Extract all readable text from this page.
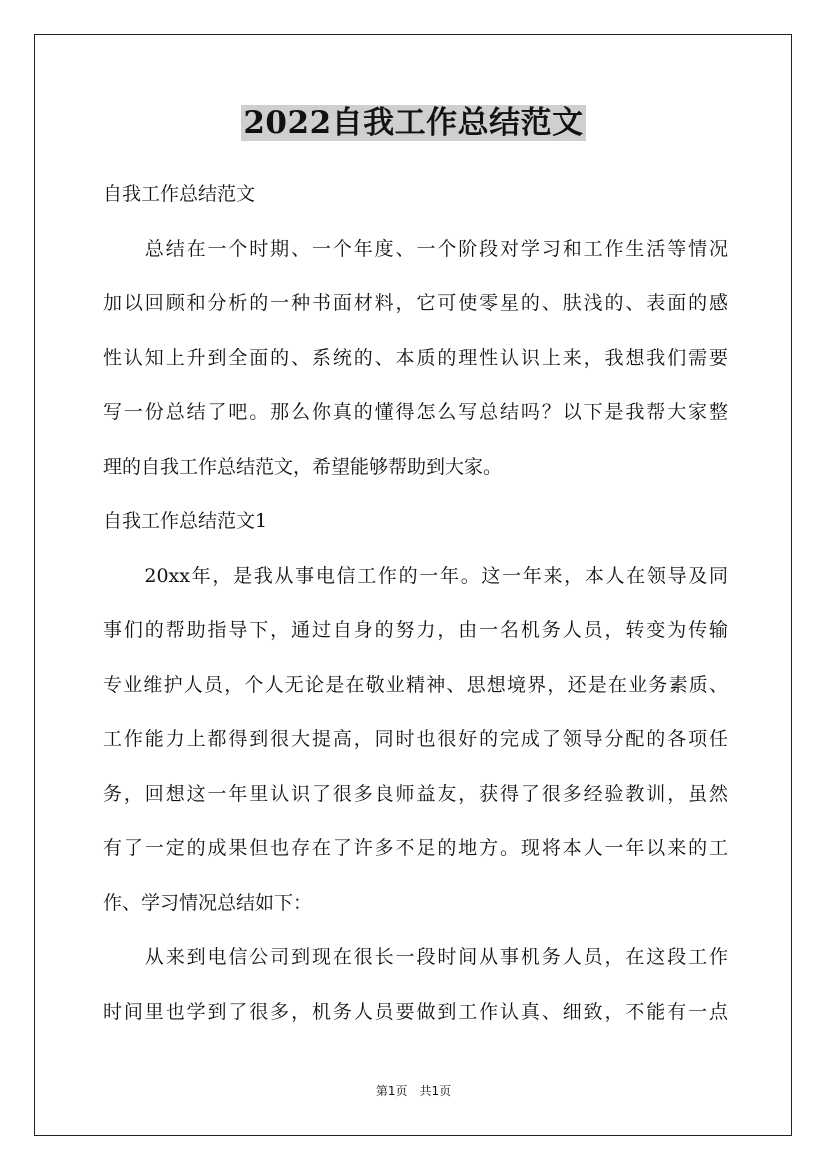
2022自我工作总结范文
自我工作总结范文
　　总结在一个时期、一个年度、一个阶段对学习和工作生活等情况
加以回顾和分析的一种书面材料，它可使零星的、肤浅的、表面的感
性认知上升到全面的、系统的、本质的理性认识上来，我想我们需要
写一份总结了吧。那么你真的懂得怎么写总结吗？以下是我帮大家整
理的自我工作总结范文，希望能够帮助到大家。
自我工作总结范文1
　　20xx年，是我从事电信工作的一年。这一年来，本人在领导及同
事们的帮助指导下，通过自身的努力，由一名机务人员，转变为传输
专业维护人员，个人无论是在敬业精神、思想境界，还是在业务素质、
工作能力上都得到很大提高，同时也很好的完成了领导分配的各项任
务，回想这一年里认识了很多良师益友，获得了很多经验教训，虽然
有了一定的成果但也存在了许多不足的地方。现将本人一年以来的工
作、学习情况总结如下：
　　从来到电信公司到现在很长一段时间从事机务人员，在这段工作
时间里也学到了很多，机务人员要做到工作认真、细致，不能有一点
第1页　共1页
